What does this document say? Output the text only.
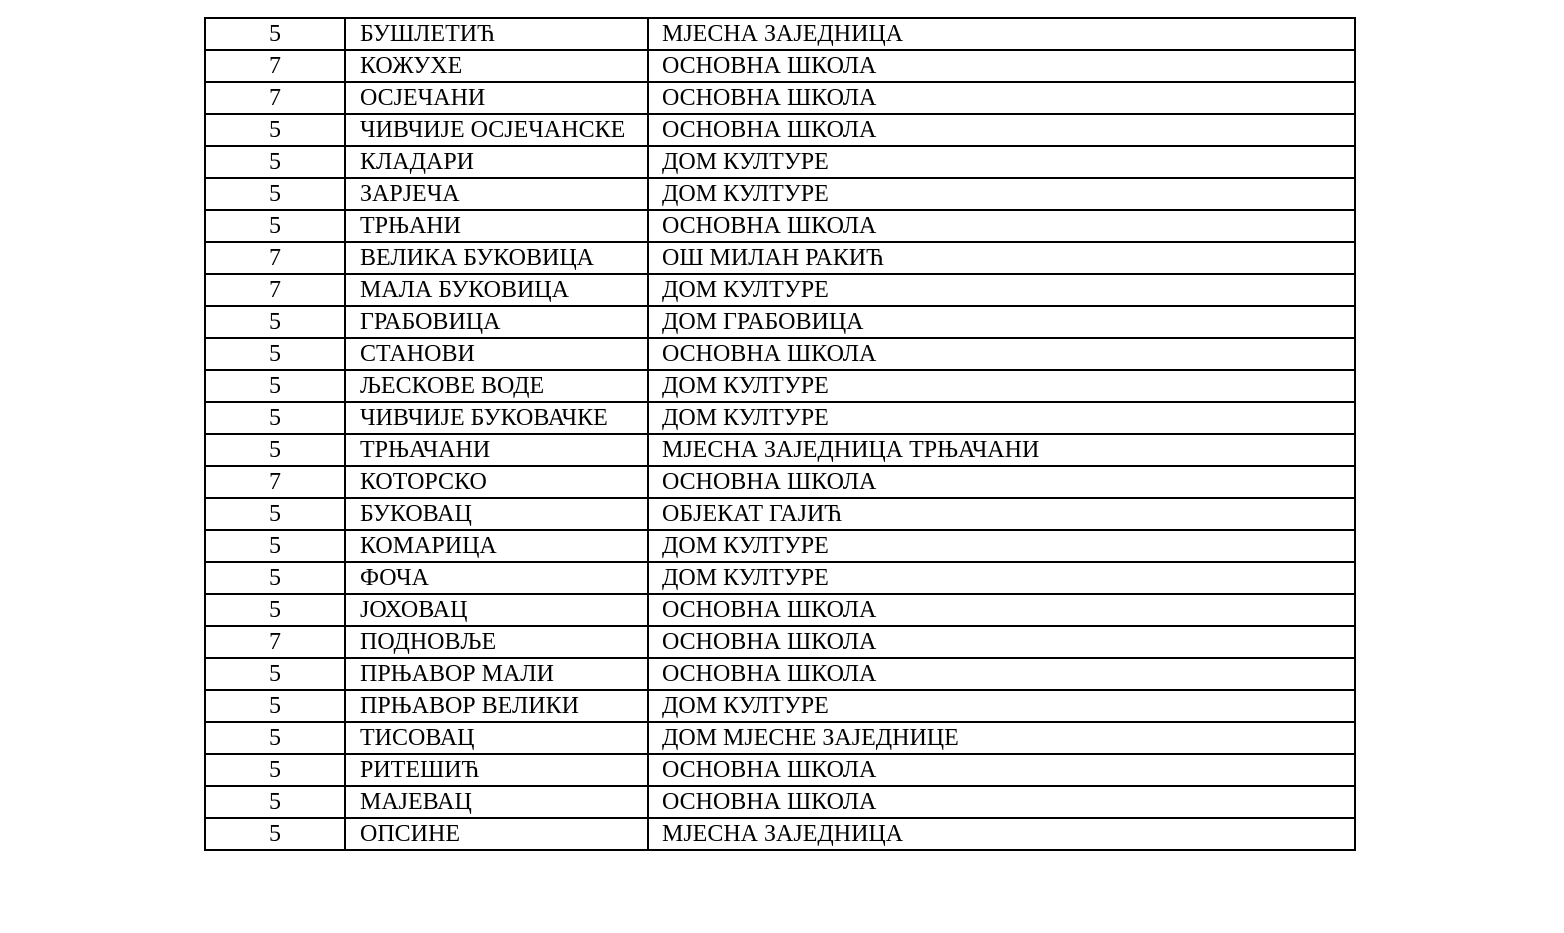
5	БУШЛЕТИЋ	МЈЕСНА ЗАЈЕДНИЦА
7	КОЖУХЕ	ОСНОВНА ШКОЛА
7	ОСЈЕЧАНИ	ОСНОВНА ШКОЛА
5	ЧИВЧИЈЕ ОСЈЕЧАНСКЕ	ОСНОВНА ШКОЛА
5	КЛАДАРИ	ДОМ КУЛТУРЕ
5	ЗАРЈЕЧА	ДОМ КУЛТУРЕ
5	ТРЊАНИ	ОСНОВНА ШКОЛА
7	ВЕЛИКА БУКОВИЦА	ОШ МИЛАН РАКИЋ
7	МАЛА БУКОВИЦА	ДОМ КУЛТУРЕ
5	ГРАБОВИЦА	ДОМ ГРАБОВИЦА
5	СТАНОВИ	ОСНОВНА ШКОЛА
5	ЉЕСКОВЕ ВОДЕ	ДОМ КУЛТУРЕ
5	ЧИВЧИЈЕ БУКОВАЧКЕ	ДОМ КУЛТУРЕ
5	ТРЊАЧАНИ	МЈЕСНА ЗАЈЕДНИЦА ТРЊАЧАНИ
7	КОТОРСКО	ОСНОВНА ШКОЛА
5	БУКОВАЦ	ОБЈЕКАТ ГАЈИЋ
5	КОМАРИЦА	ДОМ КУЛТУРЕ
5	ФОЧА	ДОМ КУЛТУРЕ
5	ЈОХОВАЦ	ОСНОВНА ШКОЛА
7	ПОДНОВЉЕ	ОСНОВНА ШКОЛА
5	ПРЊАВОР МАЛИ	ОСНОВНА ШКОЛА
5	ПРЊАВОР ВЕЛИКИ	ДОМ КУЛТУРЕ
5	ТИСОВАЦ	ДОМ МЈЕСНЕ ЗАЈЕДНИЦЕ
5	РИТЕШИЋ	ОСНОВНА ШКОЛА
5	МАЈЕВАЦ	ОСНОВНА ШКОЛА
5	ОПСИНЕ	МЈЕСНА ЗАЈЕДНИЦА
